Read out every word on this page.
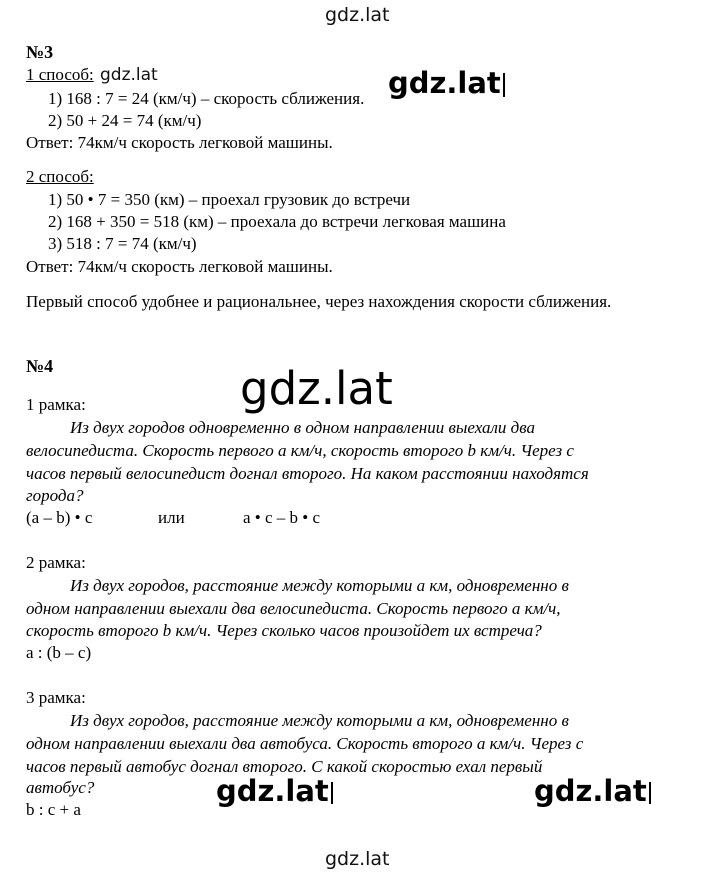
gdz.lat
№3
1 способ: gdz.lat
1) 168 : 7 = 24 (км/ч) – скорость сближения.
2) 50 + 24 = 74 (км/ч)
gdz.lat
Ответ: 74км/ч скорость легковой машины.
2 способ:
1) 50 • 7 = 350 (км) – проехал грузовик до встречи
2) 168 + 350 = 518 (км) – проехала до встречи легковая машина
3) 518 : 7 = 74 (км/ч)
Ответ: 74км/ч скорость легковой машины.
Первый способ удобнее и рациональнее, через нахождения скорости сближения.
№4	gdz.lat
1 рамка:
Из двух городов одновременно в одном направлении выехали два
велосипедиста. Скорость первого а км/ч, скорость второго b км/ч. Через с
часов первый велосипедист догнал второго. На каком расстоянии находятся
города?
(a – b) • c	или	a • c – b • c
2 рамка:
Из двух городов, расстояние между которыми а км, одновременно в
одном направлении выехали два велосипедиста. Скорость первого а км/ч,
скорость второго b км/ч. Через сколько часов произойдет их встреча?
a : (b – c)
3 рамка:
Из двух городов, расстояние между которыми а км, одновременно в
одном направлении выехали два автобуса. Скорость второго а км/ч. Через с
часов первый автобус догнал второго. С какой скоростью ехал первый
автобус?
b : c + a
gdz.lat	gdz.lat
gdz.lat
